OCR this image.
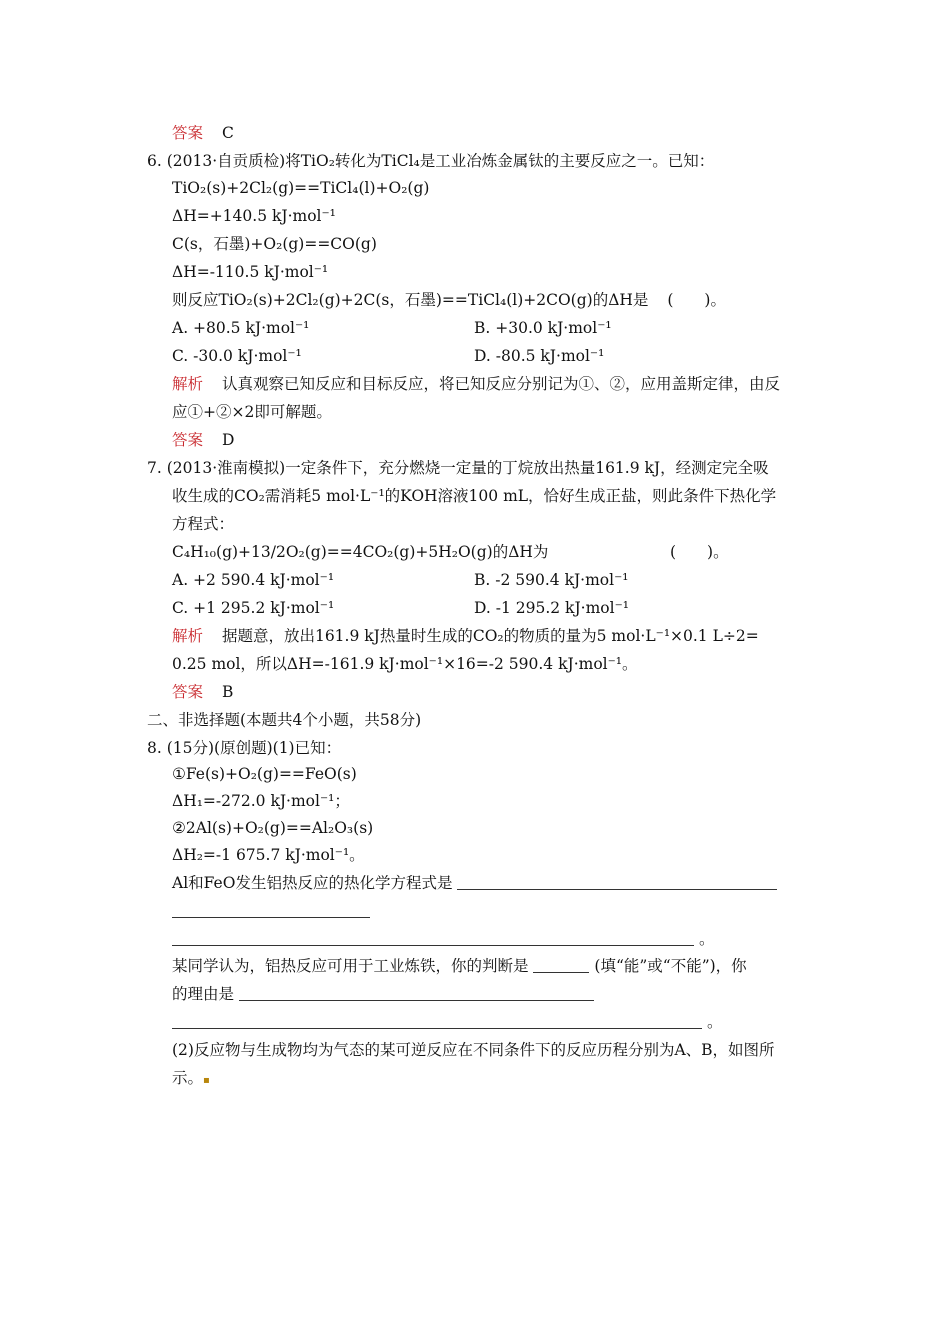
答案 C
6. (2013·自贡质检)将TiO₂转化为TiCl₄是工业冶炼金属钛的主要反应之一。已知：
TiO₂(s)+2Cl₂(g)==TiCl₄(l)+O₂(g)
ΔH=+140.5 kJ·mol⁻¹
C(s，石墨)+O₂(g)==CO(g)
ΔH=-110.5 kJ·mol⁻¹
则反应TiO₂(s)+2Cl₂(g)+2C(s，石墨)==TiCl₄(l)+2CO(g)的ΔH是 (　　)。
A. +80.5 kJ·mol⁻¹	B. +30.0 kJ·mol⁻¹
C. -30.0 kJ·mol⁻¹	D. -80.5 kJ·mol⁻¹
解析 认真观察已知反应和目标反应，将已知反应分别记为①、②，应用盖斯定律，由反
应①+②×2即可解题。
答案 D
7. (2013·淮南模拟)一定条件下，充分燃烧一定量的丁烷放出热量161.9 kJ，经测定完全吸
收生成的CO₂需消耗5 mol·L⁻¹的KOH溶液100 mL，恰好生成正盐，则此条件下热化学
方程式：
C₄H₁₀(g)+13/2O₂(g)==4CO₂(g)+5H₂O(g)的ΔH为	(　　)。
A. +2 590.4 kJ·mol⁻¹	B. -2 590.4 kJ·mol⁻¹
C. +1 295.2 kJ·mol⁻¹	D. -1 295.2 kJ·mol⁻¹
解析 据题意，放出161.9 kJ热量时生成的CO₂的物质的量为5 mol·L⁻¹×0.1 L÷2=
0.25 mol，所以ΔH=-161.9 kJ·mol⁻¹×16=-2 590.4 kJ·mol⁻¹。
答案 B
二、非选择题(本题共4个小题，共58分)
8. (15分)(原创题)(1)已知：
①Fe(s)+O₂(g)==FeO(s)
ΔH₁=-272.0 kJ·mol⁻¹；
②2Al(s)+O₂(g)==Al₂O₃(s)
ΔH₂=-1 675.7 kJ·mol⁻¹。
Al和FeO发生铝热反应的热化学方程式是
。
某同学认为，铝热反应可用于工业炼铁，你的判断是	(填“能”或“不能”)，你
的理由是
。
(2)反应物与生成物均为气态的某可逆反应在不同条件下的反应历程分别为A、B，如图所
示。▪
